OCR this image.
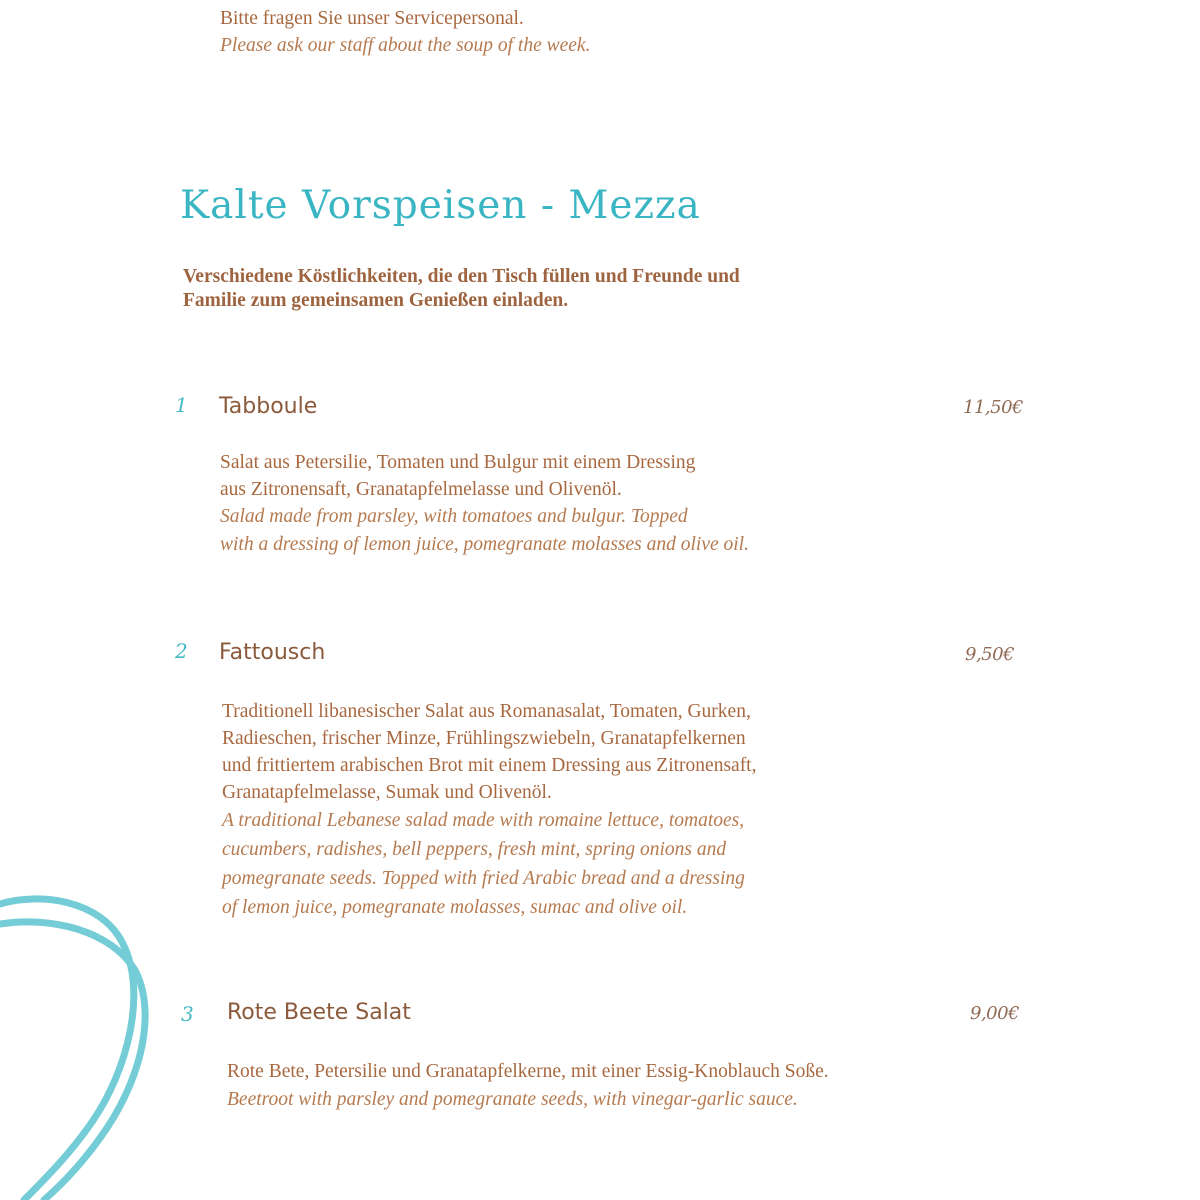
Bitte fragen Sie unser Servicepersonal.
Please ask our staff about the soup of the week.
Kalte Vorspeisen - Mezza
Verschiedene Köstlichkeiten, die den Tisch füllen und Freunde und
Familie zum gemeinsamen Genießen einladen.
1 Tabboule	11,50€
Salat aus Petersilie, Tomaten und Bulgur mit einem Dressing
aus Zitronensaft, Granatapfelmelasse und Olivenöl.
Salad made from parsley, with tomatoes and bulgur. Topped
with a dressing of lemon juice, pomegranate molasses and olive oil.
2 Fattousch	9,50€
Traditionell libanesischer Salat aus Romanasalat, Tomaten, Gurken,
Radieschen, frischer Minze, Frühlingszwiebeln, Granatapfelkernen
und frittiertem arabischen Brot mit einem Dressing aus Zitronensaft,
Granatapfelmelasse, Sumak und Olivenöl.
A traditional Lebanese salad made with romaine lettuce, tomatoes,
cucumbers, radishes, bell peppers, fresh mint, spring onions and
pomegranate seeds. Topped with fried Arabic bread and a dressing
of lemon juice, pomegranate molasses, sumac and olive oil.
3 Rote Beete Salat	9,00€
Rote Bete, Petersilie und Granatapfelkerne, mit einer Essig-Knoblauch Soße.
Beetroot with parsley and pomegranate seeds, with vinegar-garlic sauce.
